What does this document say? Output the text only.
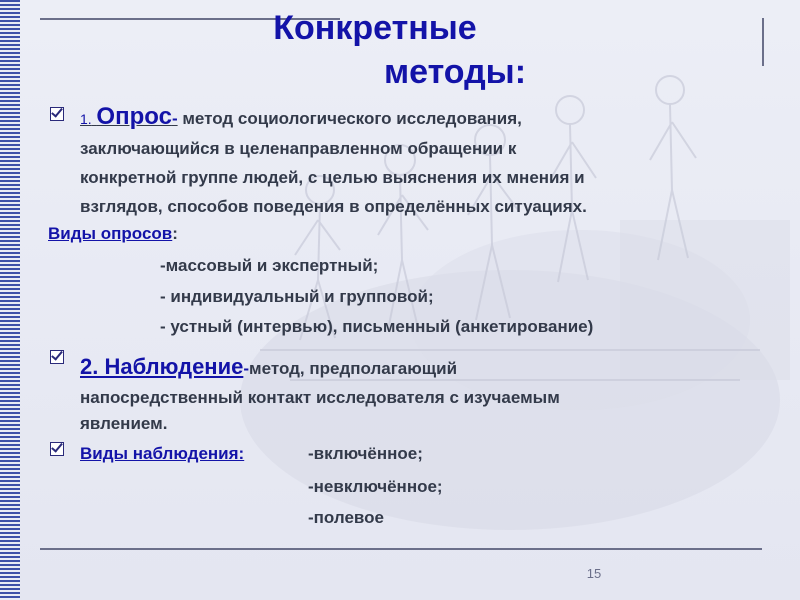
Конкретные
методы:
1. Опрос- метод социологического исследования,
заключающийся в целенаправленном обращении к
конкретной группе людей, с целью выяснения их мнения и
взглядов, способов поведения в определённых ситуациях.
Виды опросов:
-массовый и экспертный;
- индивидуальный и групповой;
- устный (интервью), письменный (анкетирование)
2. Наблюдение-метод, предполагающий
напосредственный контакт исследователя с изучаемым
явлением.
Виды наблюдения:	-включённое;
-невключённое;
-полевое
15
